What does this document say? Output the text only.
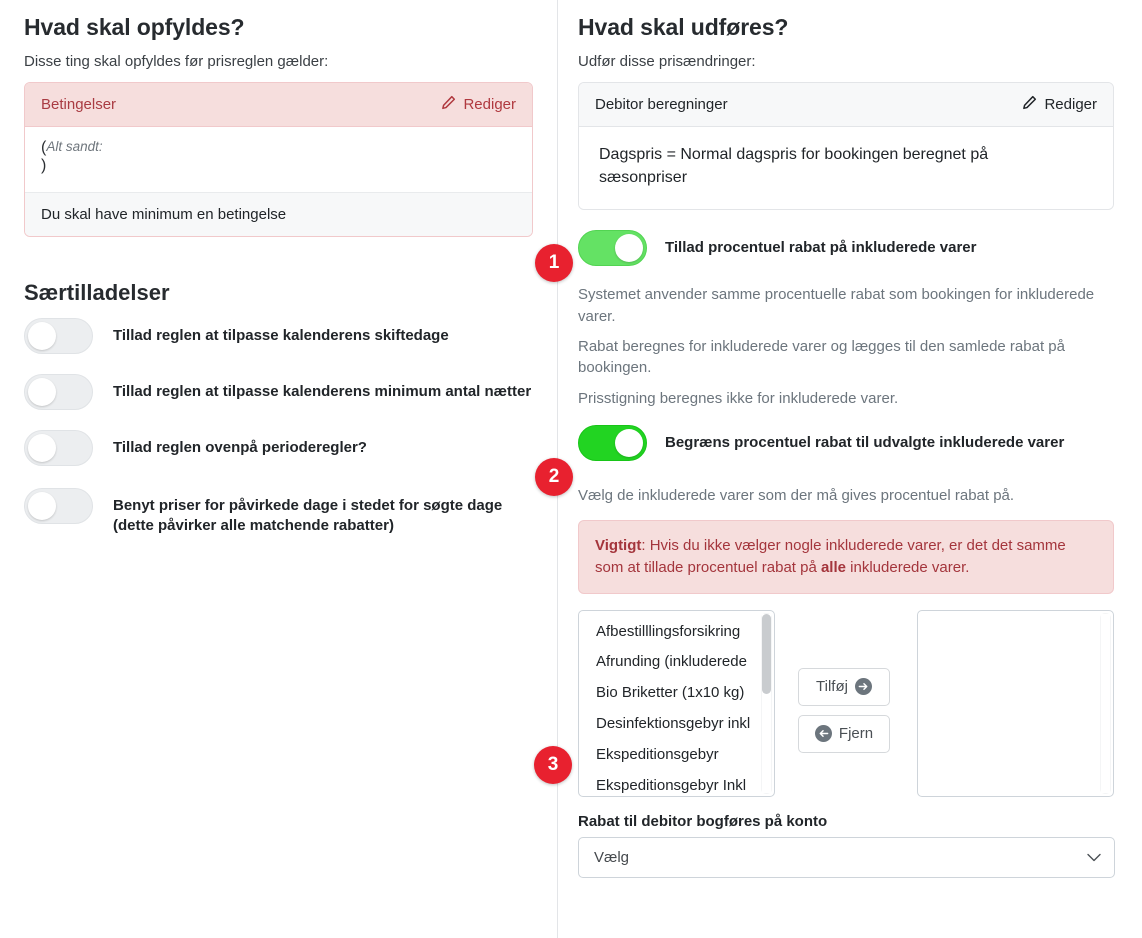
Hvad skal opfyldes?

Disse ting skal opfyldes før prisreglen gælder:

Betingelser	Rediger
($^{Alt sandt:}$
)
Du skal have minimum en betingelse
Særtilladelser
Tillad reglen at tilpasse kalenderens skiftedage
Tillad reglen at tilpasse kalenderens minimum antal nætter
Tillad reglen ovenpå perioderegler?
Benyt priser for påvirkede dage i stedet for søgte dage (dette påvirker alle matchende rabatter)
Hvad skal udføres?

Udfør disse prisændringer:

Debitor beregninger	Rediger
Dagspris = Normal dagspris for bookingen beregnet på sæsonpriser
Tillad procentuel rabat på inkluderede varer

Systemet anvender samme procentuelle rabat som bookingen for inkluderede varer.

Rabat beregnes for inkluderede varer og lægges til den samlede rabat på bookingen.

Prisstigning beregnes ikke for inkluderede varer.

Begræns procentuel rabat til udvalgte inkluderede varer

Vælg de inkluderede varer som der må gives procentuel rabat på.

Vigtigt: Hvis du ikke vælger nogle inkluderede varer, er det det samme som at tillade procentuel rabat på alle inkluderede varer.
Afbestilllingsforsikring
Afrunding (inkluderede
Bio Briketter (1x10 kg)
Desinfektionsgebyr inkl
Ekspeditionsgebyr
Ekspeditionsgebyr Inkl
Tilføj
Fjern
Rabat til debitor bogføres på konto
Vælg
1
2
3
